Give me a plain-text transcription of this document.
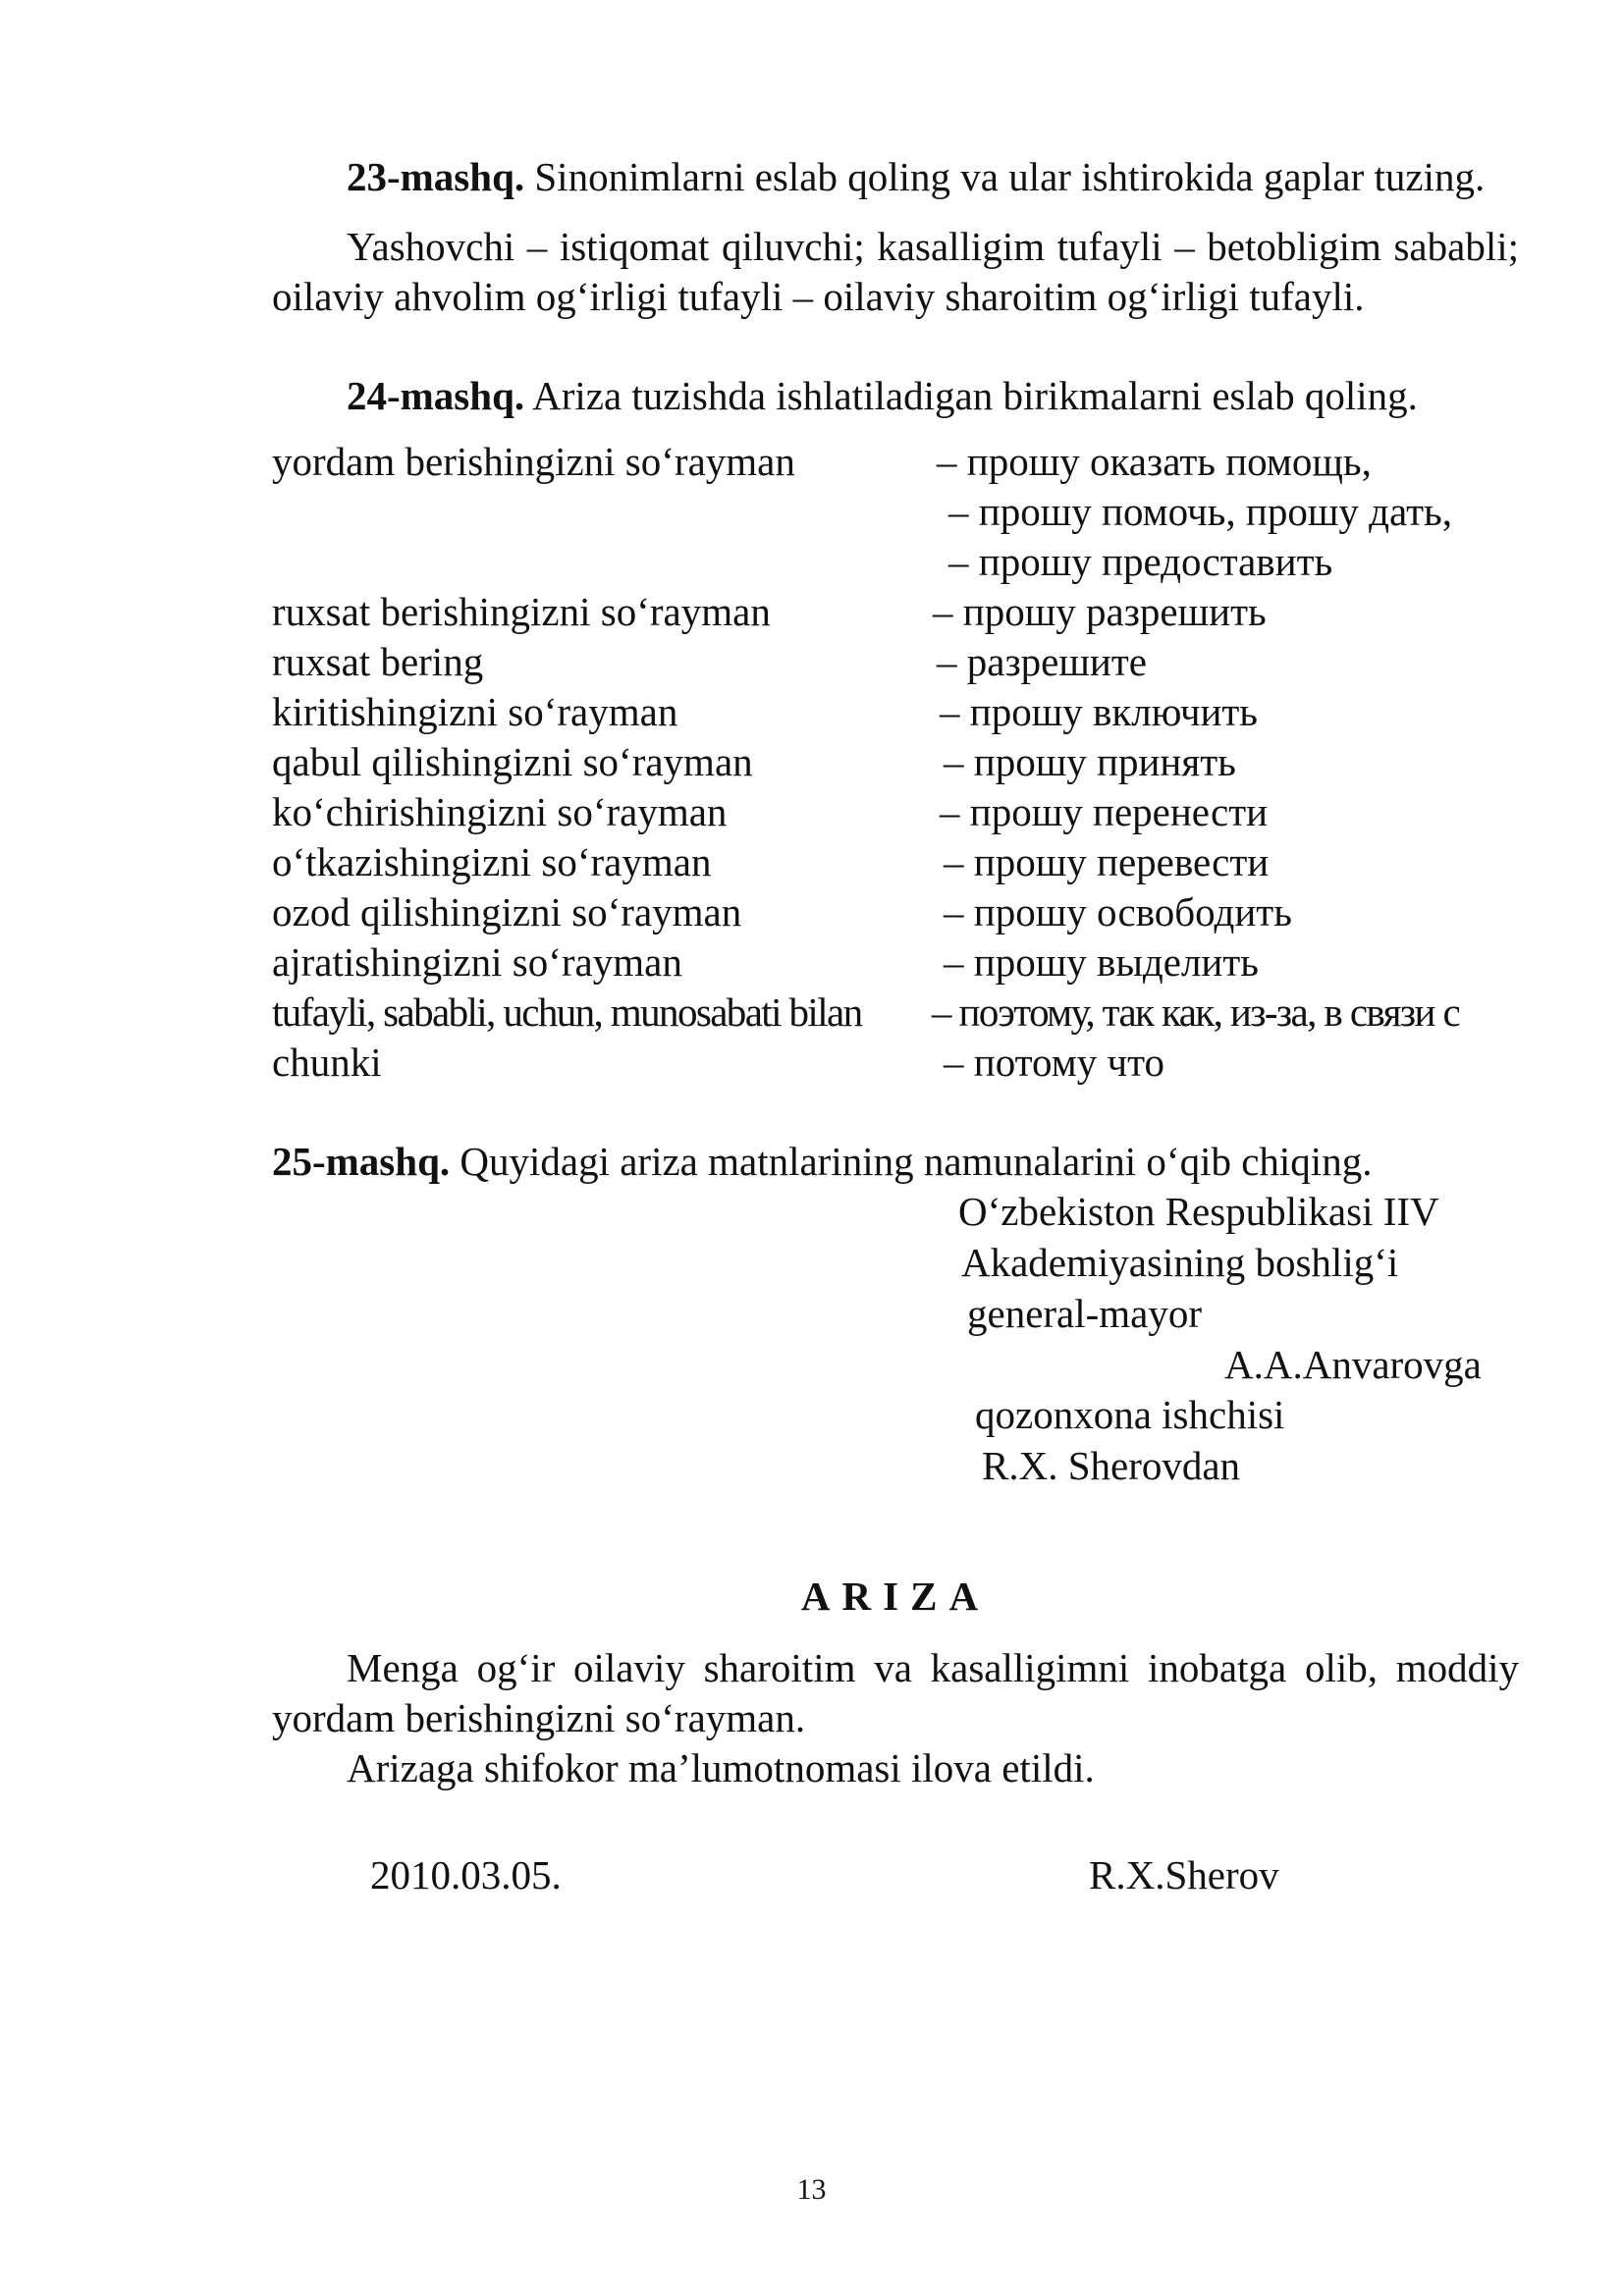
23-mashq. Sinonimlarni eslab qoling va ular ishtirokida gaplar tuzing.

Yashovchi – istiqomat qiluvchi; kasalligim tufayli – betobligim sababli; oilaviy ahvolim og‘irligi tufayli – oilaviy sharoitim og‘irligi tufayli.

24-mashq. Ariza tuzishda ishlatiladigan birikmalarni eslab qoling.

yordam berishingizni so‘rayman	– прошу оказать помощь,
– прошу помочь, прошу дать,
– прошу предоставить
ruxsat berishingizni so‘rayman	– прошу разрешить
ruxsat bering	– разрешите
kiritishingizni so‘rayman	– прошу включить
qabul qilishingizni so‘rayman	– прошу принять
ko‘chirishingizni so‘rayman	– прошу перенести
o‘tkazishingizni so‘rayman	– прошу перевести
ozod qilishingizni so‘rayman	– прошу освободить
ajratishingizni so‘rayman	– прошу выделить
tufayli, sababli, uchun, munosabati bilan – поэтому, так как, из-за, в связи с
chunki	– потому что

25-mashq. Quyidagi ariza matnlarining namunalarini o‘qib chiqing.

O‘zbekiston Respublikasi IIV
Akademiyasining boshlig‘i
general-mayor
A.A.Anvarovga
qozonxona ishchisi
R.X. Sherovdan
ARIZA

Menga og‘ir oilaviy sharoitim va kasalligimni inobatga olib, moddiy yordam berishingizni so‘rayman.

Arizaga shifokor ma’lumotnomasi ilova etildi.

2010.03.05.	R.X.Sherov
13
